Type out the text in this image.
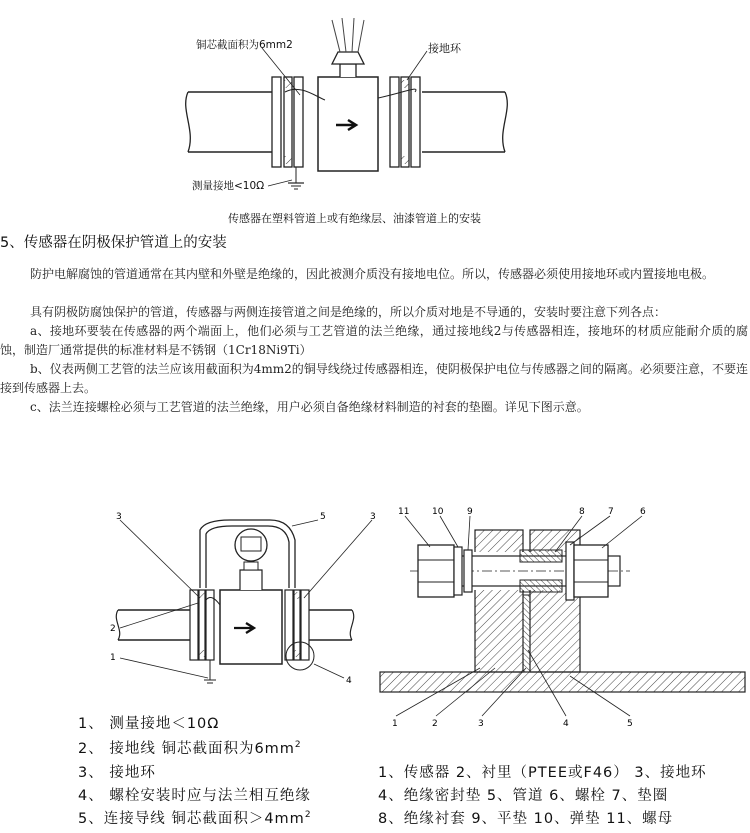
铜芯截面积为6mm2	接地环
测量接地<10Ω
传感器在塑料管道上或有绝缘层、油漆管道上的安装
5、传感器在阴极保护管道上的安装
防护电解腐蚀的管道通常在其内壁和外壁是绝缘的，因此被测介质没有接地电位。所以，传感器必须使用接地环或内置接地电极。
具有阴极防腐蚀保护的管道，传感器与两侧连接管道之间是绝缘的，所以介质对地是不导通的，安装时要注意下列各点：
a、接地环要装在传感器的两个端面上，他们必须与工艺管道的法兰绝缘，通过接地线2与传感器相连，接地环的材质应能耐介质的腐蚀，制造厂通常提供的标准材料是不锈钢（1Cr18Ni9Ti）
b、仪表两侧工艺管的法兰应该用截面积为4mm2的铜导线绕过传感器相连，使阴极保护电位与传感器之间的隔离。必须要注意，不要连接到传感器上去。
c、法兰连接螺栓必须与工艺管道的法兰绝缘，用户必须自备绝缘材料制造的衬套的垫圈。详见下图示意。
3	5	3
2
1
4
11	10	9	8	7	6
1	2	3	4	5
1、 测量接地＜10Ω
2、 接地线 铜芯截面积为$6mm^2$
3、 接地环
4、 螺栓安装时应与法兰相互绝缘
5、连接导线 铜芯截面积$>4mm^2$
1、传感器 2、衬里（PTEE或F46） 3、接地环
4、绝缘密封垫 5、管道 6、螺栓 7、垫圈
8、绝缘衬套 9、平垫 10、弹垫 11、螺母
